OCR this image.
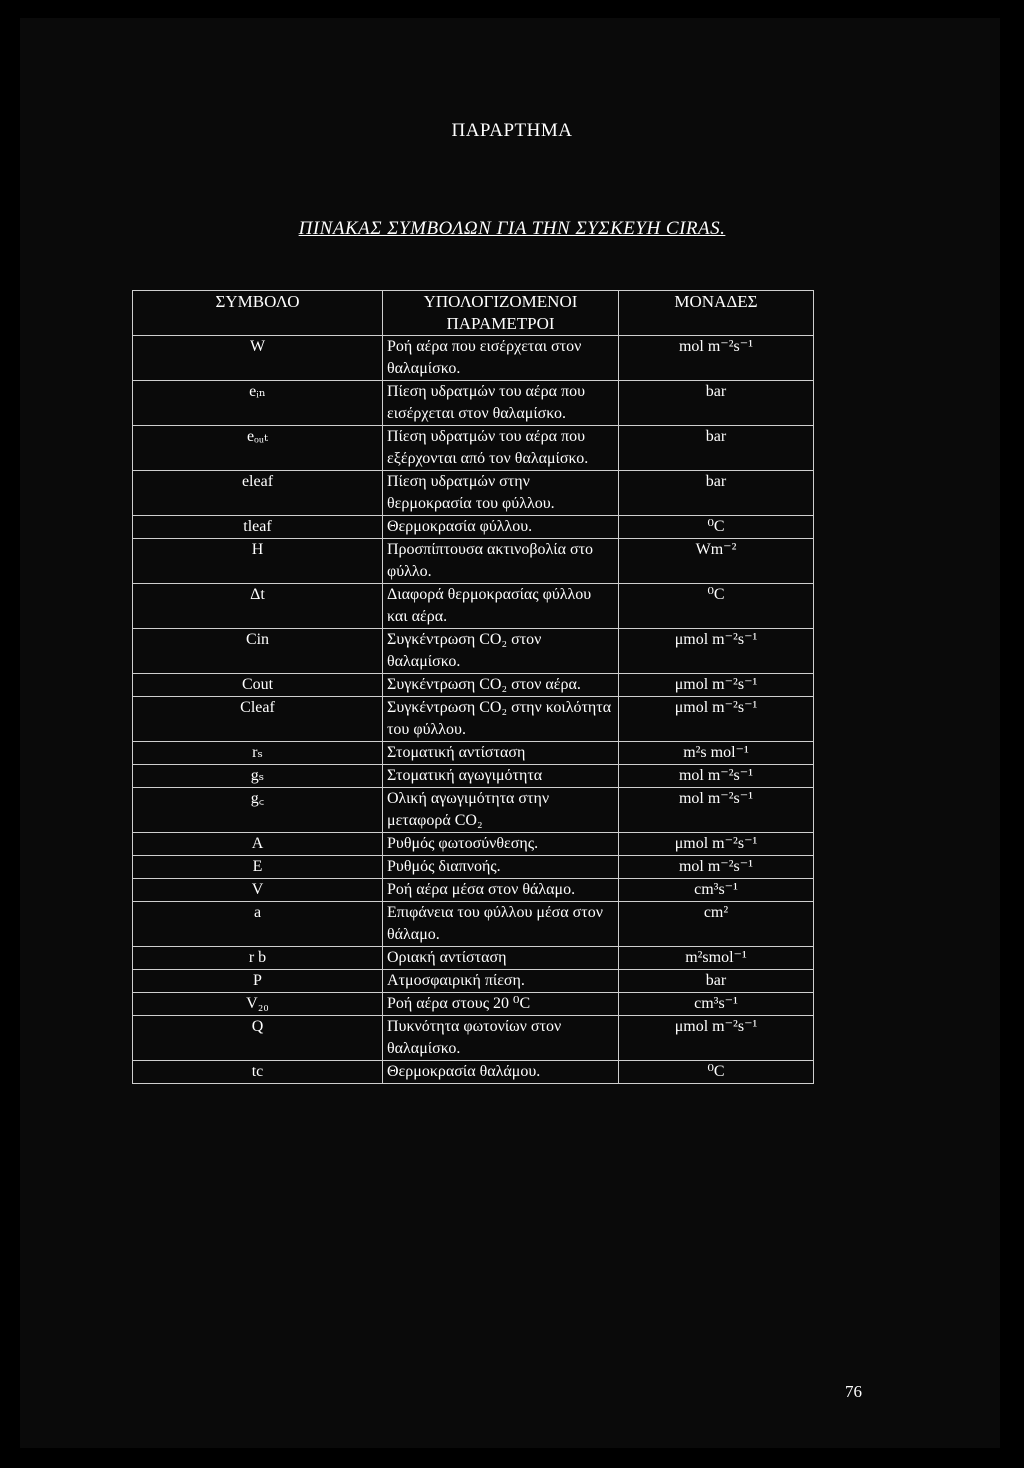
ΠΑΡΑΡΤΗΜΑ
ΠΙΝΑΚΑΣ ΣΥΜΒΟΛΩΝ ΓΙΑ ΤΗΝ ΣΥΣΚΕΥΗ CIRAS.
ΣΥΜΒΟΛΟ	ΥΠΟΛΟΓΙΖΟΜΕΝΟΙ ΠΑΡΑΜΕΤΡΟΙ	ΜΟΝΑΔΕΣ
W	Ροή αέρα που εισέρχεται στον θαλαμίσκο.	mol m⁻²s⁻¹
eᵢₙ	Πίεση υδρατμών του αέρα που εισέρχεται στον θαλαμίσκο.	bar
eₒᵤₜ	Πίεση υδρατμών του αέρα που εξέρχονται από τον θαλαμίσκο.	bar
eleaf	Πίεση υδρατμών στην θερμοκρασία του φύλλου.	bar
tleaf	Θερμοκρασία φύλλου.	⁰C
H	Προσπίπτουσα ακτινοβολία στο φύλλο.	Wm⁻²
Δt	Διαφορά θερμοκρασίας φύλλου και αέρα.	⁰C
Cin	Συγκέντρωση CO₂ στον θαλαμίσκο.	μmol m⁻²s⁻¹
Cout	Συγκέντρωση CO₂ στον αέρα.	μmol m⁻²s⁻¹
Cleaf	Συγκέντρωση CO₂ στην κοιλότητα του φύλλου.	μmol m⁻²s⁻¹
rₛ	Στοματική αντίσταση	m²s mol⁻¹
gₛ	Στοματική αγωγιμότητα	mol m⁻²s⁻¹
g꜀	Ολική αγωγιμότητα στην μεταφορά CO₂	mol m⁻²s⁻¹
A	Ρυθμός φωτοσύνθεσης.	μmol m⁻²s⁻¹
E	Ρυθμός διαπνοής.	mol m⁻²s⁻¹
V	Ροή αέρα μέσα στον θάλαμο.	cm³s⁻¹
a	Επιφάνεια του φύλλου μέσα στον θάλαμο.	cm²
r b	Οριακή αντίσταση	m²smol⁻¹
P	Ατμοσφαιρική πίεση.	bar
V₂₀	Ροή αέρα στους 20 ⁰C	cm³s⁻¹
Q	Πυκνότητα φωτονίων στον θαλαμίσκο.	μmol m⁻²s⁻¹
tc	Θερμοκρασία θαλάμου.	⁰C
76
